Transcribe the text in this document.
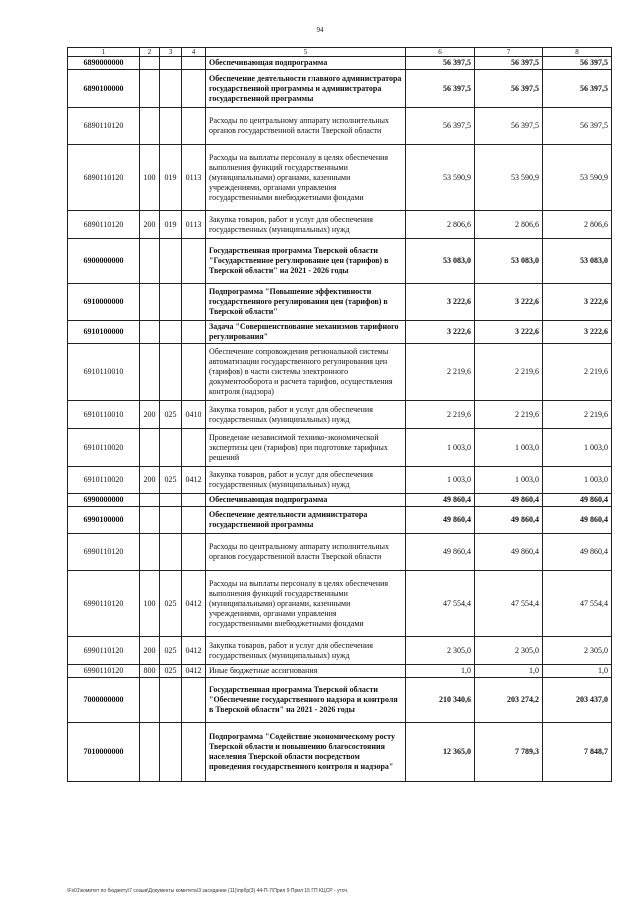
94
1	2	3	4	5	6	7	8
6890000000				Обеспечивающая подпрограмма	56 397,5	56 397,5	56 397,5
6890100000				Обеспечение деятельности главного администратора государственной программы и администратора государственной программы	56 397,5	56 397,5	56 397,5
6890110120				Расходы по центральному аппарату исполнительных органов государственной власти Тверской области	56 397,5	56 397,5	56 397,5
6890110120	100	019	0113	Расходы на выплаты персоналу в целях обеспечения выполнения функций государственными (муниципальными) органами, казенными учреждениями, органами управления государственными внебюджетными фондами	53 590,9	53 590,9	53 590,9
6890110120	200	019	0113	Закупка товаров, работ и услуг для обеспечения государственных (муниципальных) нужд	2 806,6	2 806,6	2 806,6
6900000000				Государственная программа Тверской области "Государственное регулирование цен (тарифов) в Тверской области" на 2021 - 2026 годы	53 083,0	53 083,0	53 083,0
6910000000				Подпрограмма "Повышение эффективности государственного регулирования цен (тарифов) в Тверской области"	3 222,6	3 222,6	3 222,6
6910100000				Задача "Совершенствование механизмов тарифного регулирования"	3 222,6	3 222,6	3 222,6
6910110010				Обеспечение сопровождения региональной системы автоматизации государственного регулирования цен (тарифов) в части системы электронного документооборота и расчета тарифов, осуществления контроля (надзора)	2 219,6	2 219,6	2 219,6
6910110010	200	025	0410	Закупка товаров, работ и услуг для обеспечения государственных (муниципальных) нужд	2 219,6	2 219,6	2 219,6
6910110020				Проведение независимой технико-экономической экспертизы цен (тарифов) при подготовке тарифных решений	1 003,0	1 003,0	1 003,0
6910110020	200	025	0412	Закупка товаров, работ и услуг для обеспечения государственных (муниципальных) нужд	1 003,0	1 003,0	1 003,0
6990000000				Обеспечивающая подпрограмма	49 860,4	49 860,4	49 860,4
6990100000				Обеспечение деятельности администратора государственной программы	49 860,4	49 860,4	49 860,4
6990110120				Расходы по центральному аппарату исполнительных органов государственной власти Тверской области	49 860,4	49 860,4	49 860,4
6990110120	100	025	0412	Расходы на выплаты персоналу в целях обеспечения выполнения функций государственными (муниципальными) органами, казенными учреждениями, органами управления государственными внебюджетными фондами	47 554,4	47 554,4	47 554,4
6990110120	200	025	0412	Закупка товаров, работ и услуг для обеспечения государственных (муниципальных) нужд	2 305,0	2 305,0	2 305,0
6990110120	800	025	0412	Иные бюджетные ассигнования	1,0	1,0	1,0
7000000000				Государственная программа Тверской области "Обеспечение государственного надзора и контроля в Тверской области" на 2021 - 2026 годы	210 340,6	203 274,2	203 437,0
7010000000				Подпрограмма "Содействие экономическому росту Тверской области и повышению благосостояния населения Тверской области посредством проведения государственного контроля и надзора"	12 365,0	7 789,3	7 848,7
\Fs01\комитет по бюджету\7 созыв\Документы комитета\3 заседание (11)\прбр(3) 44-П-7\Прил 9 Прил 15 ГП КЦСР - уточ.
